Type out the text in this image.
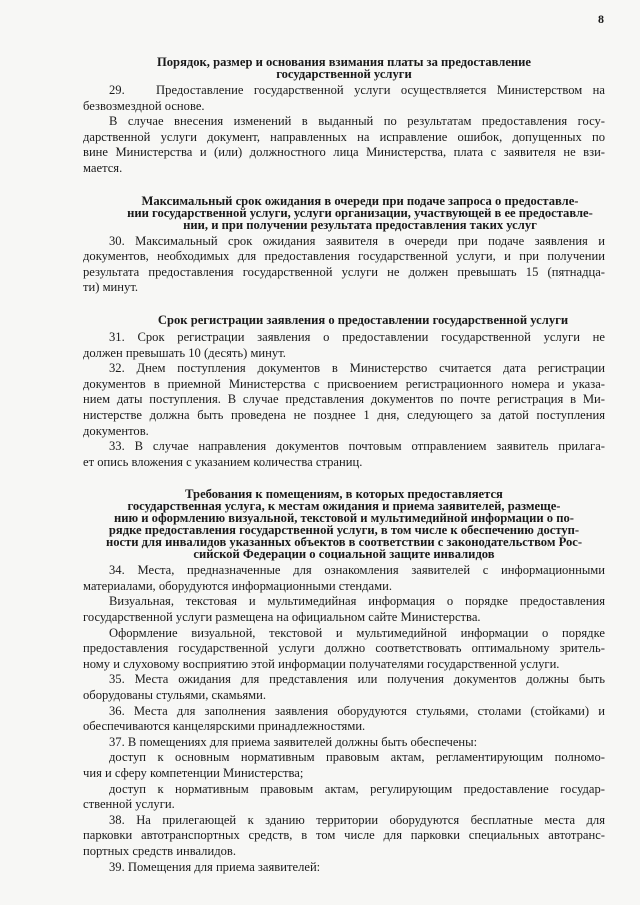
8
Порядок, размер и основания взимания платы за предоставление
государственной услуги
29.   Предоставление государственной услуги осуществляется Министерством на
безвозмездной основе.
В случае внесения изменений в выданный по результатам предоставления госу-
дарственной услуги документ, направленных на исправление ошибок, допущенных по
вине Министерства и (или) должностного лица Министерства, плата с заявителя не взи-
мается.
Максимальный срок ожидания в очереди при подаче запроса о предоставле-
нии государственной услуги, услуги организации, участвующей в ее предоставле-
нии, и при получении результата предоставления таких услуг
30. Максимальный срок ожидания заявителя в очереди при подаче заявления и
документов, необходимых для предоставления государственной услуги, и при получении
результата предоставления государственной услуги не должен превышать 15 (пятнадца-
ти) минут.
Срок регистрации заявления о предоставлении государственной услуги
31. Срок регистрации заявления о предоставлении государственной услуги не
должен превышать 10 (десять) минут.
32. Днем поступления документов в Министерство считается дата регистрации
документов в приемной Министерства с присвоением регистрационного номера и указа-
нием даты поступления. В случае представления документов по почте регистрация в Ми-
нистерстве должна быть проведена не позднее 1 дня, следующего за датой поступления
документов.
33. В случае направления документов почтовым отправлением заявитель прилага-
ет опись вложения с указанием количества страниц.
Требования к помещениям, в которых предоставляется
государственная услуга, к местам ожидания и приема заявителей, размеще-
нию и оформлению визуальной, текстовой и мультимедийной информации о по-
рядке предоставления государственной услуги, в том числе к обеспечению доступ-
ности для инвалидов указанных объектов в соответствии с законодательством Рос-
сийской Федерации о социальной защите инвалидов
34. Места, предназначенные для ознакомления заявителей с информационными
материалами, оборудуются информационными стендами.
Визуальная, текстовая и мультимедийная информация о порядке предоставления
государственной услуги размещена на официальном сайте Министерства.
Оформление визуальной, текстовой и мультимедийной информации о порядке
предоставления государственной услуги должно соответствовать оптимальному зритель-
ному и слуховому восприятию этой информации получателями государственной услуги.
35. Места ожидания для представления или получения документов должны быть
оборудованы стульями, скамьями.
36. Места для заполнения заявления оборудуются стульями, столами (стойками) и
обеспечиваются канцелярскими принадлежностями.
37. В помещениях для приема заявителей должны быть обеспечены:
доступ к основным нормативным правовым актам, регламентирующим полномо-
чия и сферу компетенции Министерства;
доступ к нормативным правовым актам, регулирующим предоставление государ-
ственной услуги.
38. На прилегающей к зданию территории оборудуются бесплатные места для
парковки автотранспортных средств, в том числе для парковки специальных автотранс-
портных средств инвалидов.
39. Помещения для приема заявителей:
